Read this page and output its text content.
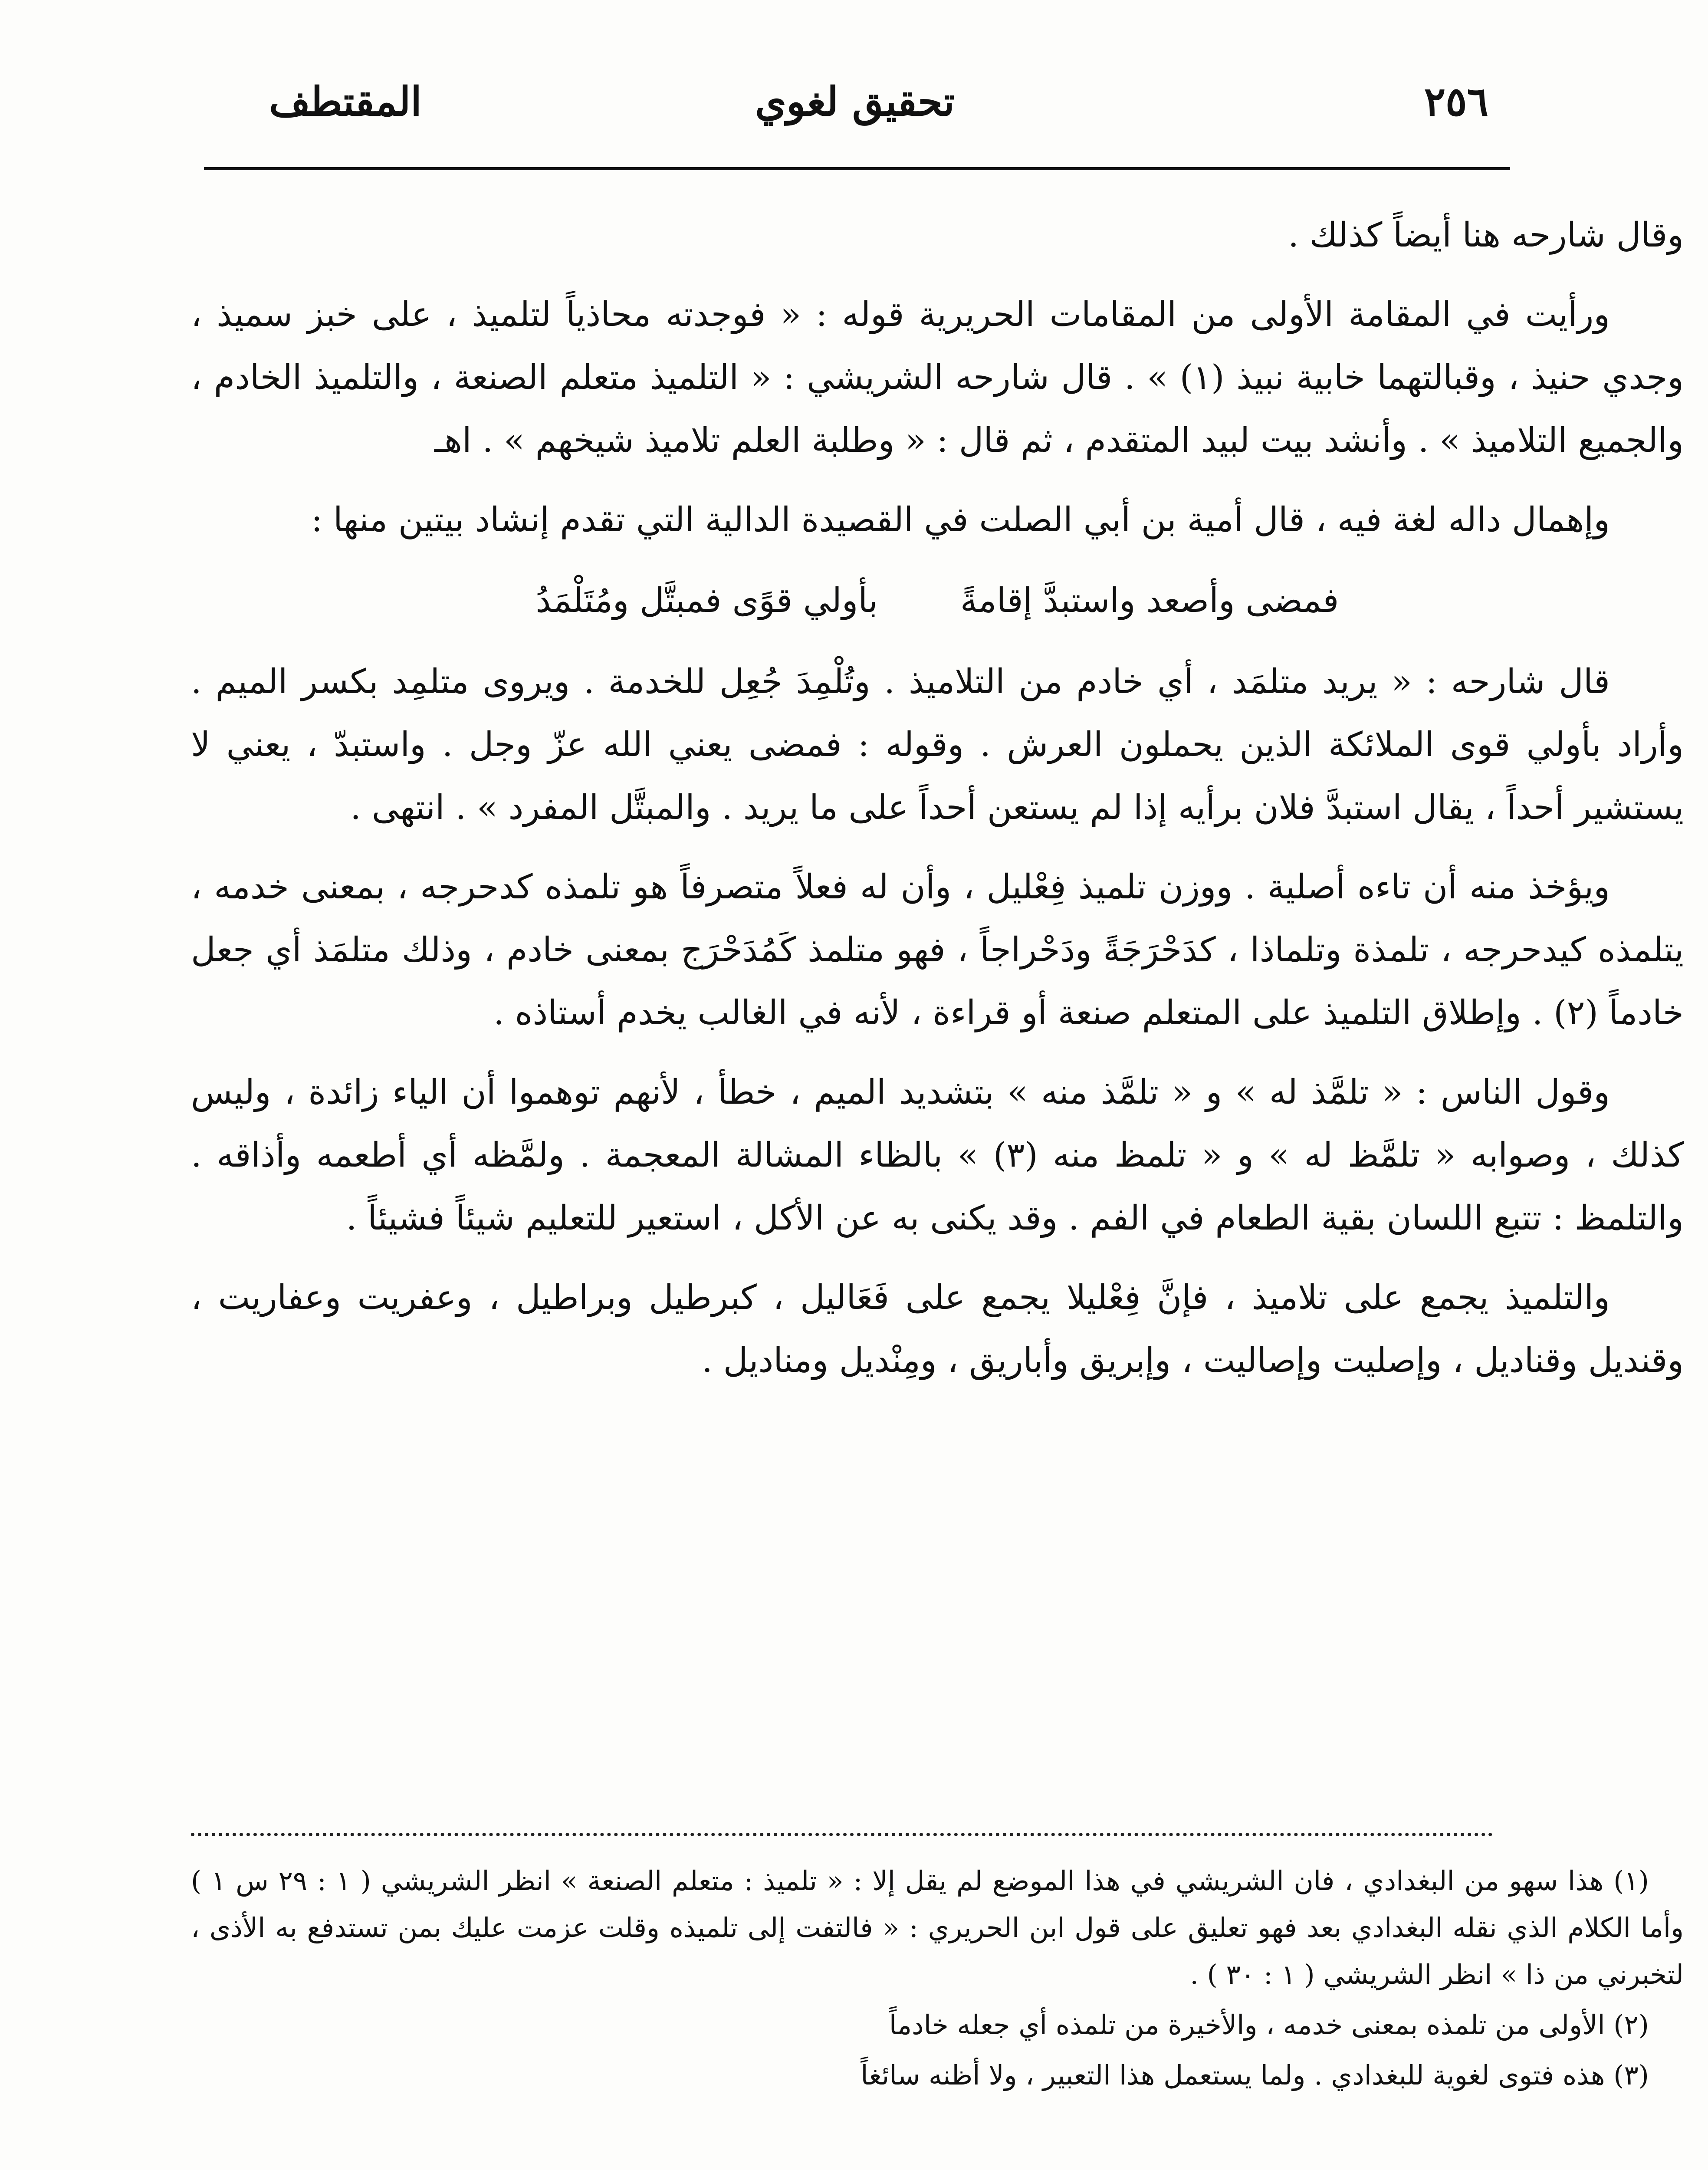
٢٥٦
تحقيق لغوي
المقتطف

وقال شارحه هنا أيضاً كذلك .

ورأيت في المقامة الأولى من المقامات الحريرية قوله : « فوجدته محاذياً لتلميذ ، على خبز سميذ ، وجدي حنيذ ، وقبالتهما خابية نبيذ (١) » . قال شارحه الشريشي : « التلميذ متعلم الصنعة ، والتلميذ الخادم ، والجميع التلاميذ » . وأنشد بيت لبيد المتقدم ، ثم قال : « وطلبة العلم تلاميذ شيخهم » . اهـ

وإهمال داله لغة فيه ، قال أمية بن أبي الصلت في القصيدة الدالية التي تقدم إنشاد بيتين منها :

فمضى وأصعد واستبدَّ إقامةً
بأولي قوًى فمبتَّل ومُتَلْمَدُ

قال شارحه : « يريد متلمَد ، أي خادم من التلاميذ . وتُلْمِدَ جُعِل للخدمة . ويروى متلمِد بكسر الميم . وأراد بأولي قوى الملائكة الذين يحملون العرش . وقوله : فمضى يعني الله عزّ وجل . واستبدّ ، يعني لا يستشير أحداً ، يقال استبدَّ فلان برأيه إذا لم يستعن أحداً على ما يريد . والمبتَّل المفرد » . انتهى .

ويؤخذ منه أن تاءه أصلية . ووزن تلميذ فِعْليل ، وأن له فعلاً متصرفاً هو تلمذه كدحرجه ، بمعنى خدمه ، يتلمذه كيدحرجه ، تلمذة وتلماذا ، كدَحْرَجَةً ودَحْراجاً ، فهو متلمذ كَمُدَحْرَج بمعنى خادم ، وذلك متلمَذ أي جعل خادماً (٢) . وإطلاق التلميذ على المتعلم صنعة أو قراءة ، لأنه في الغالب يخدم أستاذه .

وقول الناس : « تلمَّذ له » و « تلمَّذ منه » بتشديد الميم ، خطأ ، لأنهم توهموا أن الياء زائدة ، وليس كذلك ، وصوابه « تلمَّظ له » و « تلمظ منه (٣) » بالظاء المشالة المعجمة . ولمَّظه أي أطعمه وأذاقه . والتلمظ : تتبع اللسان بقية الطعام في الفم . وقد يكنى به عن الأكل ، استعير للتعليم شيئاً فشيئاً .

والتلميذ يجمع على تلاميذ ، فإنَّ فِعْليلا يجمع على فَعَاليل ، كبرطيل وبراطيل ، وعفريت وعفاريت ، وقنديل وقناديل ، وإصليت وإصاليت ، وإبريق وأباريق ، ومِنْديل ومناديل .

(١) هذا سهو من البغدادي ، فان الشريشي في هذا الموضع لم يقل إلا : « تلميذ : متعلم الصنعة » انظر الشريشي ( ١ : ٢٩ س ١ ) وأما الكلام الذي نقله البغدادي بعد فهو تعليق على قول ابن الحريري : « فالتفت إلى تلميذه وقلت عزمت عليك بمن تستدفع به الأذى ، لتخبرني من ذا » انظر الشريشي ( ١ : ٣٠ ) .

(٢) الأولى من تلمذه بمعنى خدمه ، والأخيرة من تلمذه أي جعله خادماً

(٣) هذه فتوى لغوية للبغدادي . ولما يستعمل هذا التعبير ، ولا أظنه سائغاً
